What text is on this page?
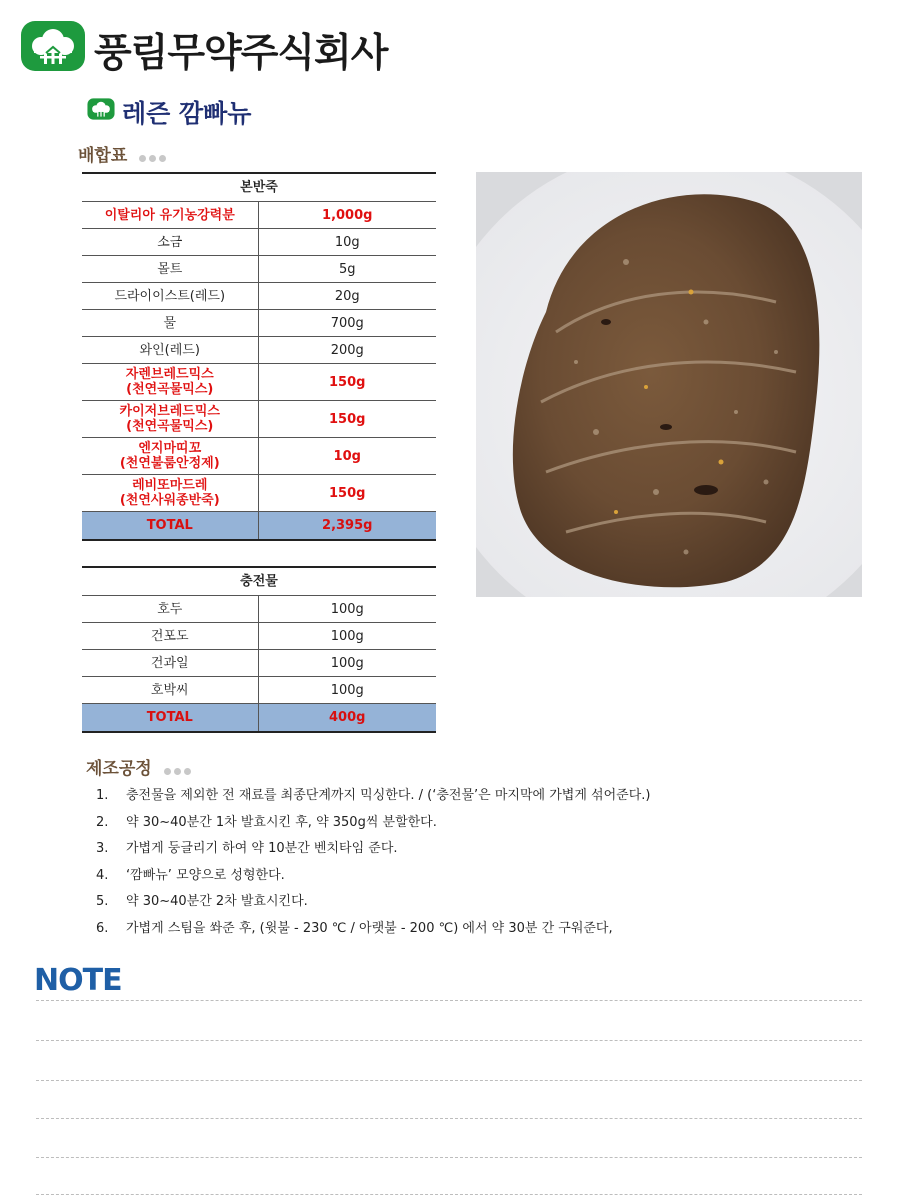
풍림무약주식회사
레즌 깜빠뉴
배합표
본반죽	
이탈리아 유기농강력분	1,000g
소금	10g
몰트	5g
드라이이스트(레드)	20g
물	700g
와인(레드)	200g

자렌브레드믹스
(천연곡물믹스)	150g

카이저브레드믹스
(천연곡물믹스)	150g

엔지마띠꼬
(천연불룸안정제)	10g

레비또마드레
(천연사워종반죽)	150g
TOTAL	2,395g
충전물	
호두	100g
건포도	100g
건과일	100g
호박씨	100g
TOTAL	400g
제조공정
1. 충전물을 제외한 전 재료를 최종단계까지 믹싱한다. / (‘충전물’은 마지막에 가볍게 섞어준다.)
2. 약 30~40분간 1차 발효시킨 후, 약 350g씩 분할한다.
3. 가볍게 둥글리기 하여 약 10분간 벤치타임 준다.
4. ‘깜빠뉴’ 모양으로 성형한다.
5. 약 30~40분간 2차 발효시킨다.
6. 가볍게 스팀을 쏴준 후, (윗불 - 230 ℃ / 아랫불 - 200 ℃) 에서 약 30분 간 구워준다,
NOTE
